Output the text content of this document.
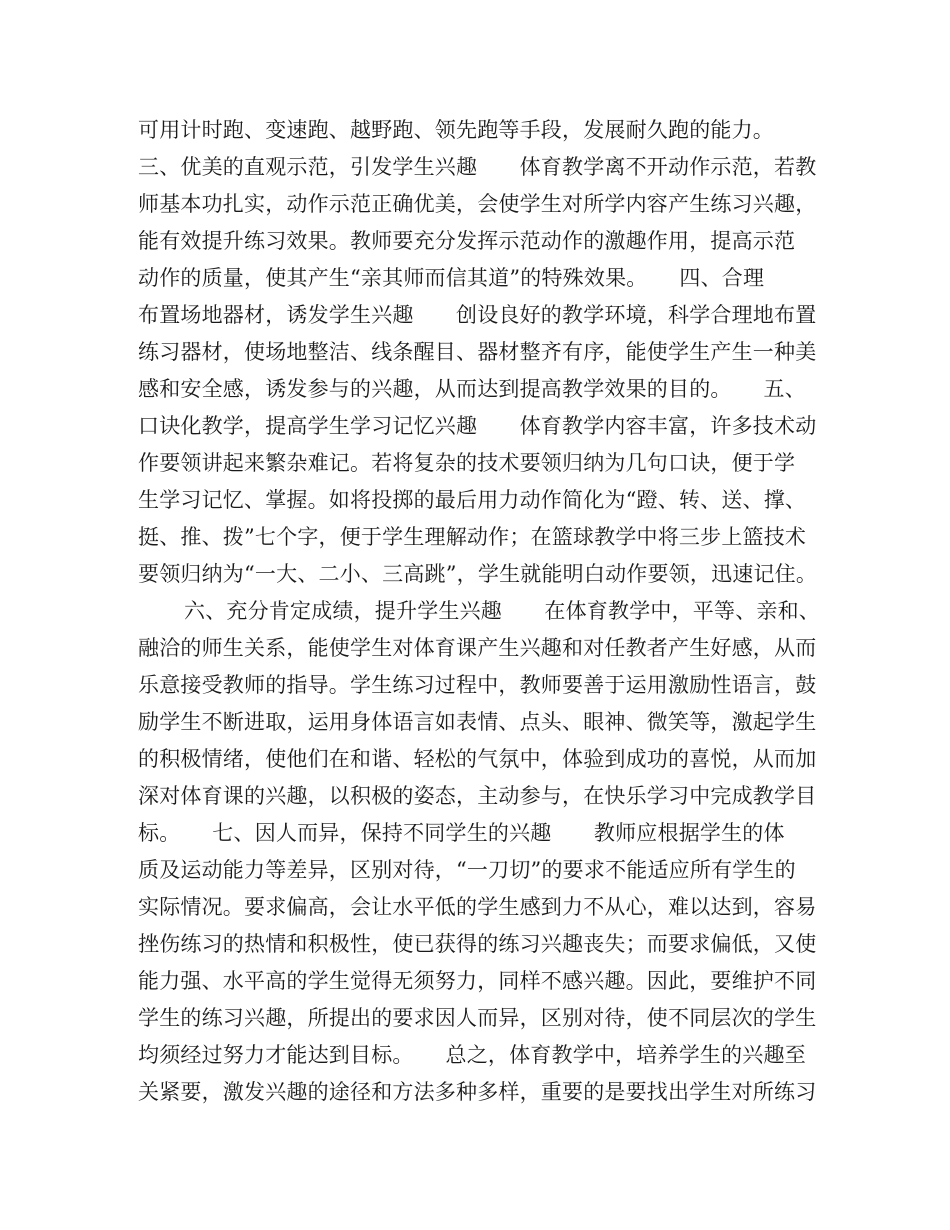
可用计时跑、变速跑、越野跑、领先跑等手段，发展耐久跑的能力。
三、优美的直观示范，引发学生兴趣　　体育教学离不开动作示范，若教
师基本功扎实，动作示范正确优美，会使学生对所学内容产生练习兴趣，
能有效提升练习效果。教师要充分发挥示范动作的激趣作用，提高示范
动作的质量，使其产生“亲其师而信其道”的特殊效果。　　四、合理
布置场地器材，诱发学生兴趣　　创设良好的教学环境，科学合理地布置
练习器材，使场地整洁、线条醒目、器材整齐有序，能使学生产生一种美
感和安全感，诱发参与的兴趣，从而达到提高教学效果的目的。　　五、
口诀化教学，提高学生学习记忆兴趣　　体育教学内容丰富，许多技术动
作要领讲起来繁杂难记。若将复杂的技术要领归纳为几句口诀，便于学
生学习记忆、掌握。如将投掷的最后用力动作简化为“蹬、转、送、撑、
挺、推、拨”七个字，便于学生理解动作；在篮球教学中将三步上篮技术
要领归纳为“一大、二小、三高跳”，学生就能明白动作要领，迅速记住。
六、充分肯定成绩，提升学生兴趣　　在体育教学中，平等、亲和、
融洽的师生关系，能使学生对体育课产生兴趣和对任教者产生好感，从而
乐意接受教师的指导。学生练习过程中，教师要善于运用激励性语言，鼓
励学生不断进取，运用身体语言如表情、点头、眼神、微笑等，激起学生
的积极情绪，使他们在和谐、轻松的气氛中，体验到成功的喜悦，从而加
深对体育课的兴趣，以积极的姿态，主动参与，在快乐学习中完成教学目
标。　　七、因人而异，保持不同学生的兴趣　　教师应根据学生的体
质及运动能力等差异，区别对待，“一刀切”的要求不能适应所有学生的
实际情况。要求偏高，会让水平低的学生感到力不从心，难以达到，容易
挫伤练习的热情和积极性，使已获得的练习兴趣丧失；而要求偏低，又使
能力强、水平高的学生觉得无须努力，同样不感兴趣。因此，要维护不同
学生的练习兴趣，所提出的要求因人而异，区别对待，使不同层次的学生
均须经过努力才能达到目标。　　总之，体育教学中，培养学生的兴趣至
关紧要，激发兴趣的途径和方法多种多样，重要的是要找出学生对所练习
